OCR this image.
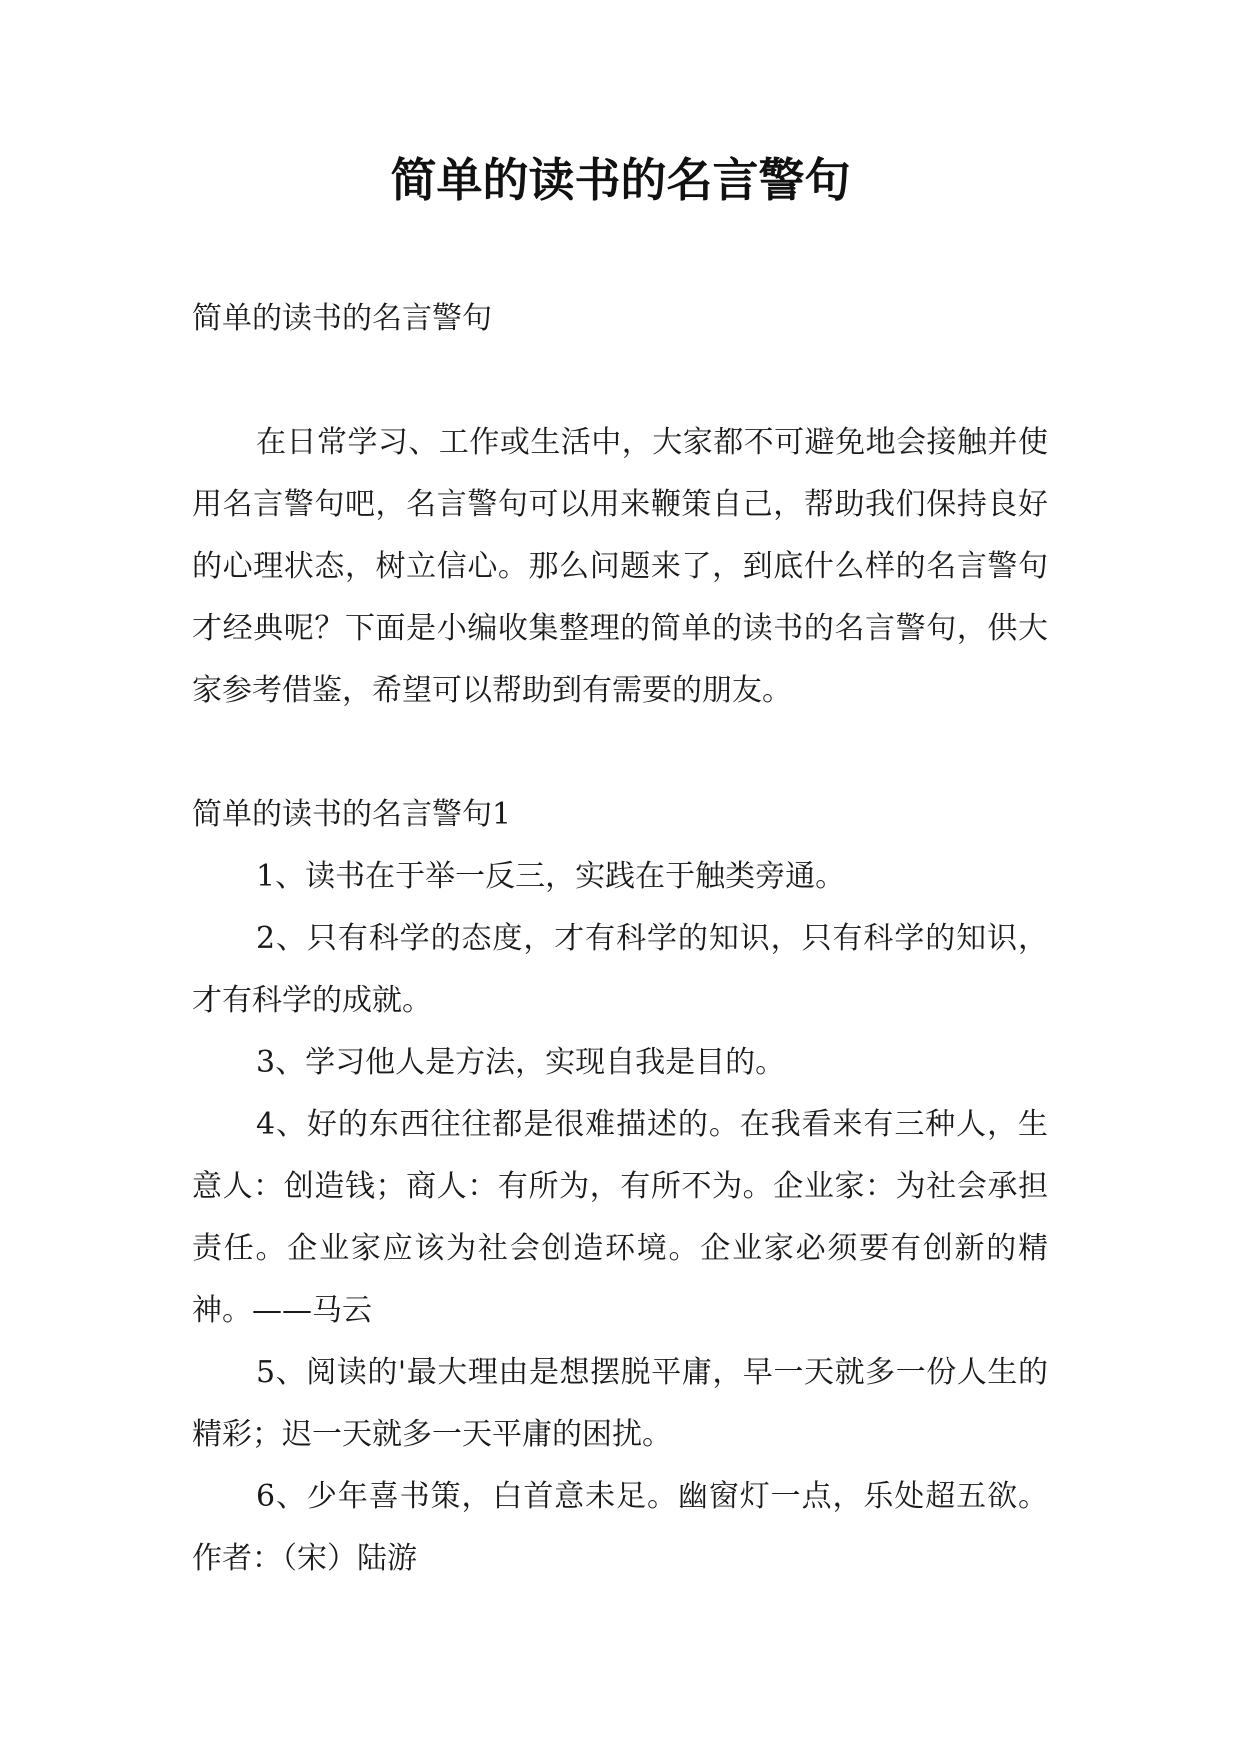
简单的读书的名言警句

简单的读书的名言警句

在日常学习、工作或生活中，大家都不可避免地会接触并使用名言警句吧，名言警句可以用来鞭策自己，帮助我们保持良好的心理状态，树立信心。那么问题来了，到底什么样的名言警句才经典呢？下面是小编收集整理的简单的读书的名言警句，供大家参考借鉴，希望可以帮助到有需要的朋友。

简单的读书的名言警句1

1、读书在于举一反三，实践在于触类旁通。

2、只有科学的态度，才有科学的知识，只有科学的知识，才有科学的成就。

3、学习他人是方法，实现自我是目的。

4、好的东西往往都是很难描述的。在我看来有三种人，生意人：创造钱；商人：有所为，有所不为。企业家：为社会承担责任。企业家应该为社会创造环境。企业家必须要有创新的精神。——马云

5、阅读的'最大理由是想摆脱平庸，早一天就多一份人生的精彩；迟一天就多一天平庸的困扰。

6、少年喜书策，白首意未足。幽窗灯一点，乐处超五欲。 作者：（宋）陆游
